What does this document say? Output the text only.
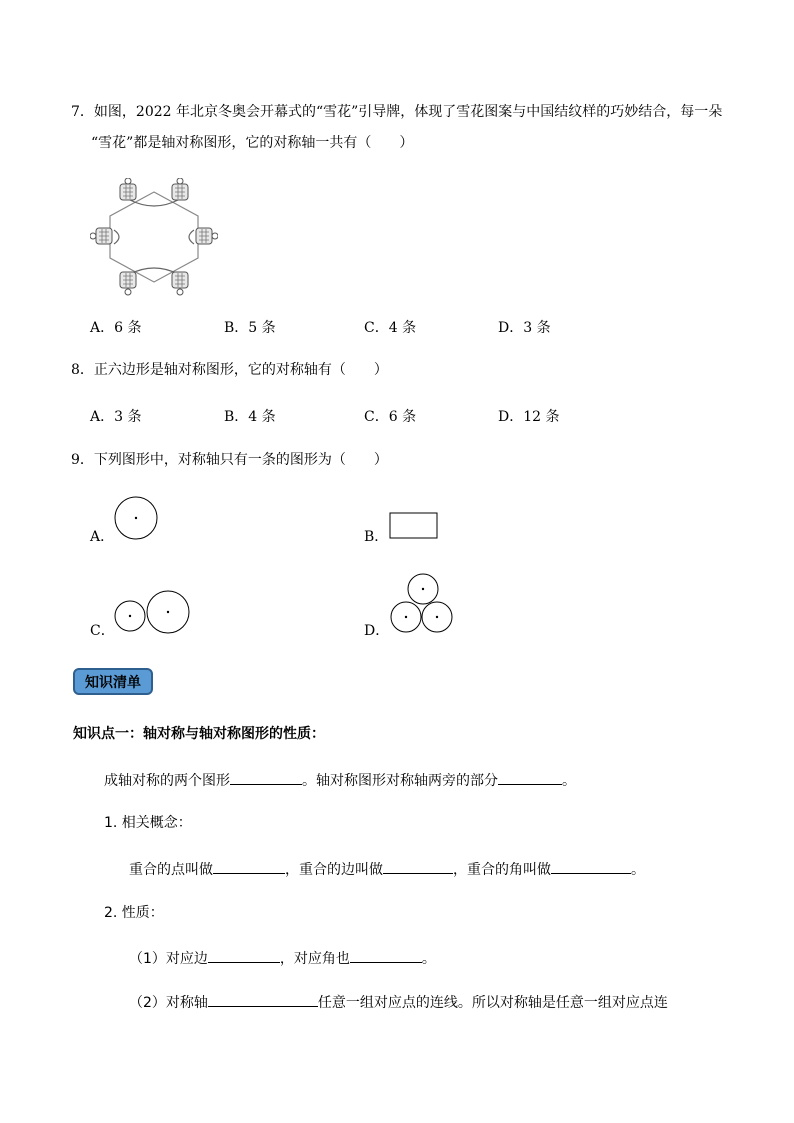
7．如图，2022 年北京冬奥会开幕式的“雪花”引导牌，体现了雪花图案与中国结纹样的巧妙结合，每一朵
“雪花”都是轴对称图形，它的对称轴一共有（　　）
A．6 条	B．5 条	C．4 条	D．3 条
8．正六边形是轴对称图形，它的对称轴有（　　）
A．3 条	B．4 条	C．6 条	D．12 条
9．下列图形中，对称轴只有一条的图形为（　　）
A．	B．
C．	D．
知识清单
知识点一：轴对称与轴对称图形的性质：
成轴对称的两个图形	。轴对称图形对称轴两旁的部分	。
1. 相关概念：
重合的点叫做	，重合的边叫做	，重合的角叫做	。
2. 性质：
（1）对应边	，对应角也	。
（2）对称轴	任意一组对应点的连线。所以对称轴是任意一组对应点连
